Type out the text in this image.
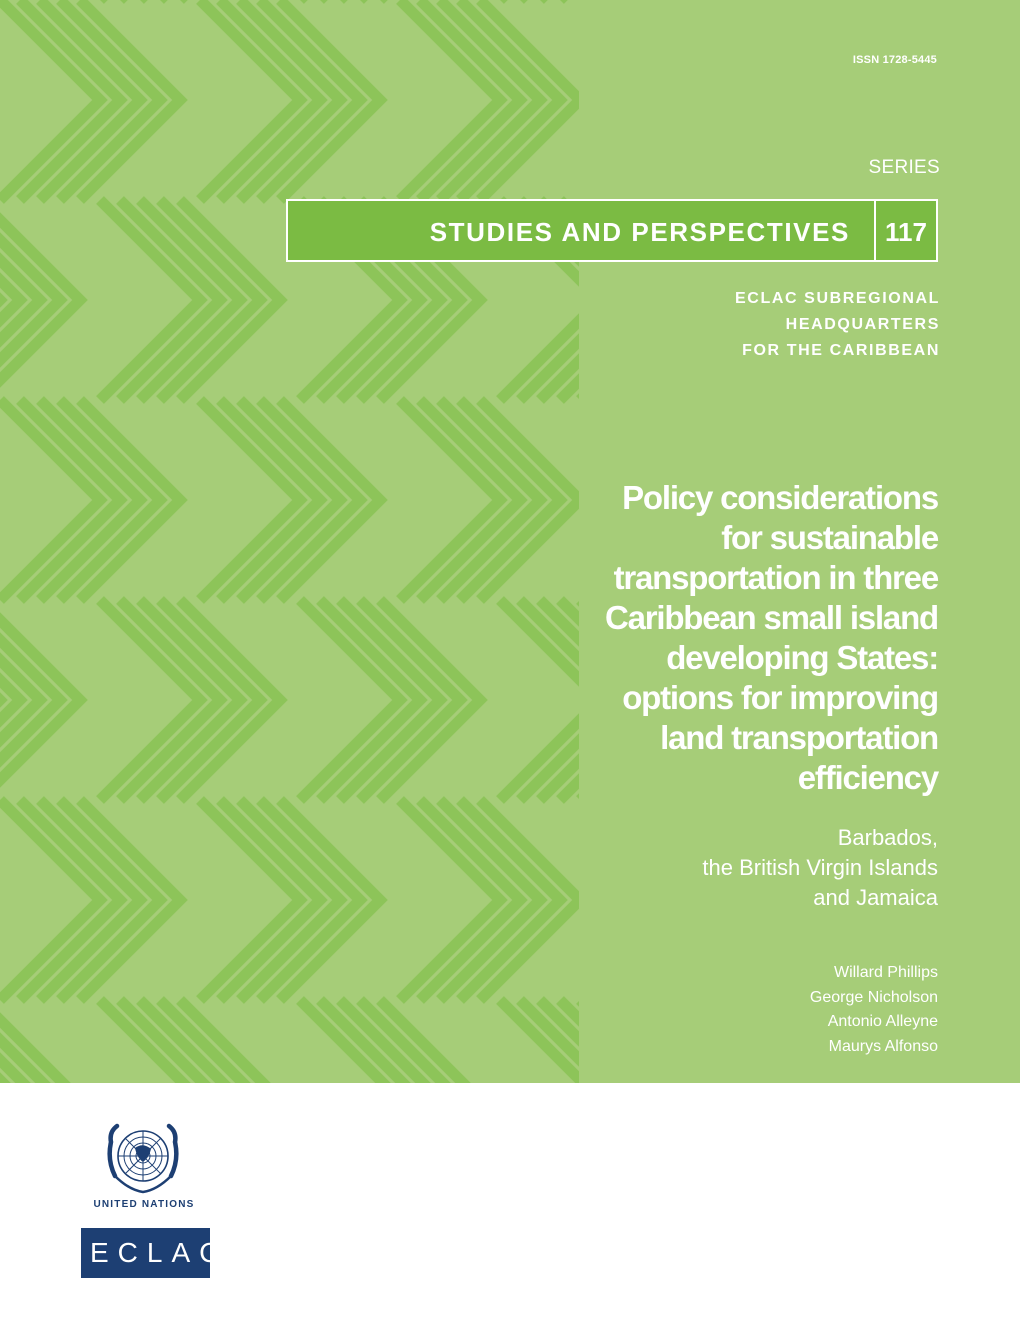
ISSN 1728-5445
SERIES
STUDIES AND PERSPECTIVES	117
ECLAC SUBREGIONAL
HEADQUARTERS
FOR THE CARIBBEAN
Policy considerations
for sustainable
transportation in three
Caribbean small island
developing States:
options for improving
land transportation
efficiency
Barbados,
the British Virgin Islands
and Jamaica
Willard Phillips
George Nicholson
Antonio Alleyne
Maurys Alfonso
UNITED NATIONS
ECLAC
